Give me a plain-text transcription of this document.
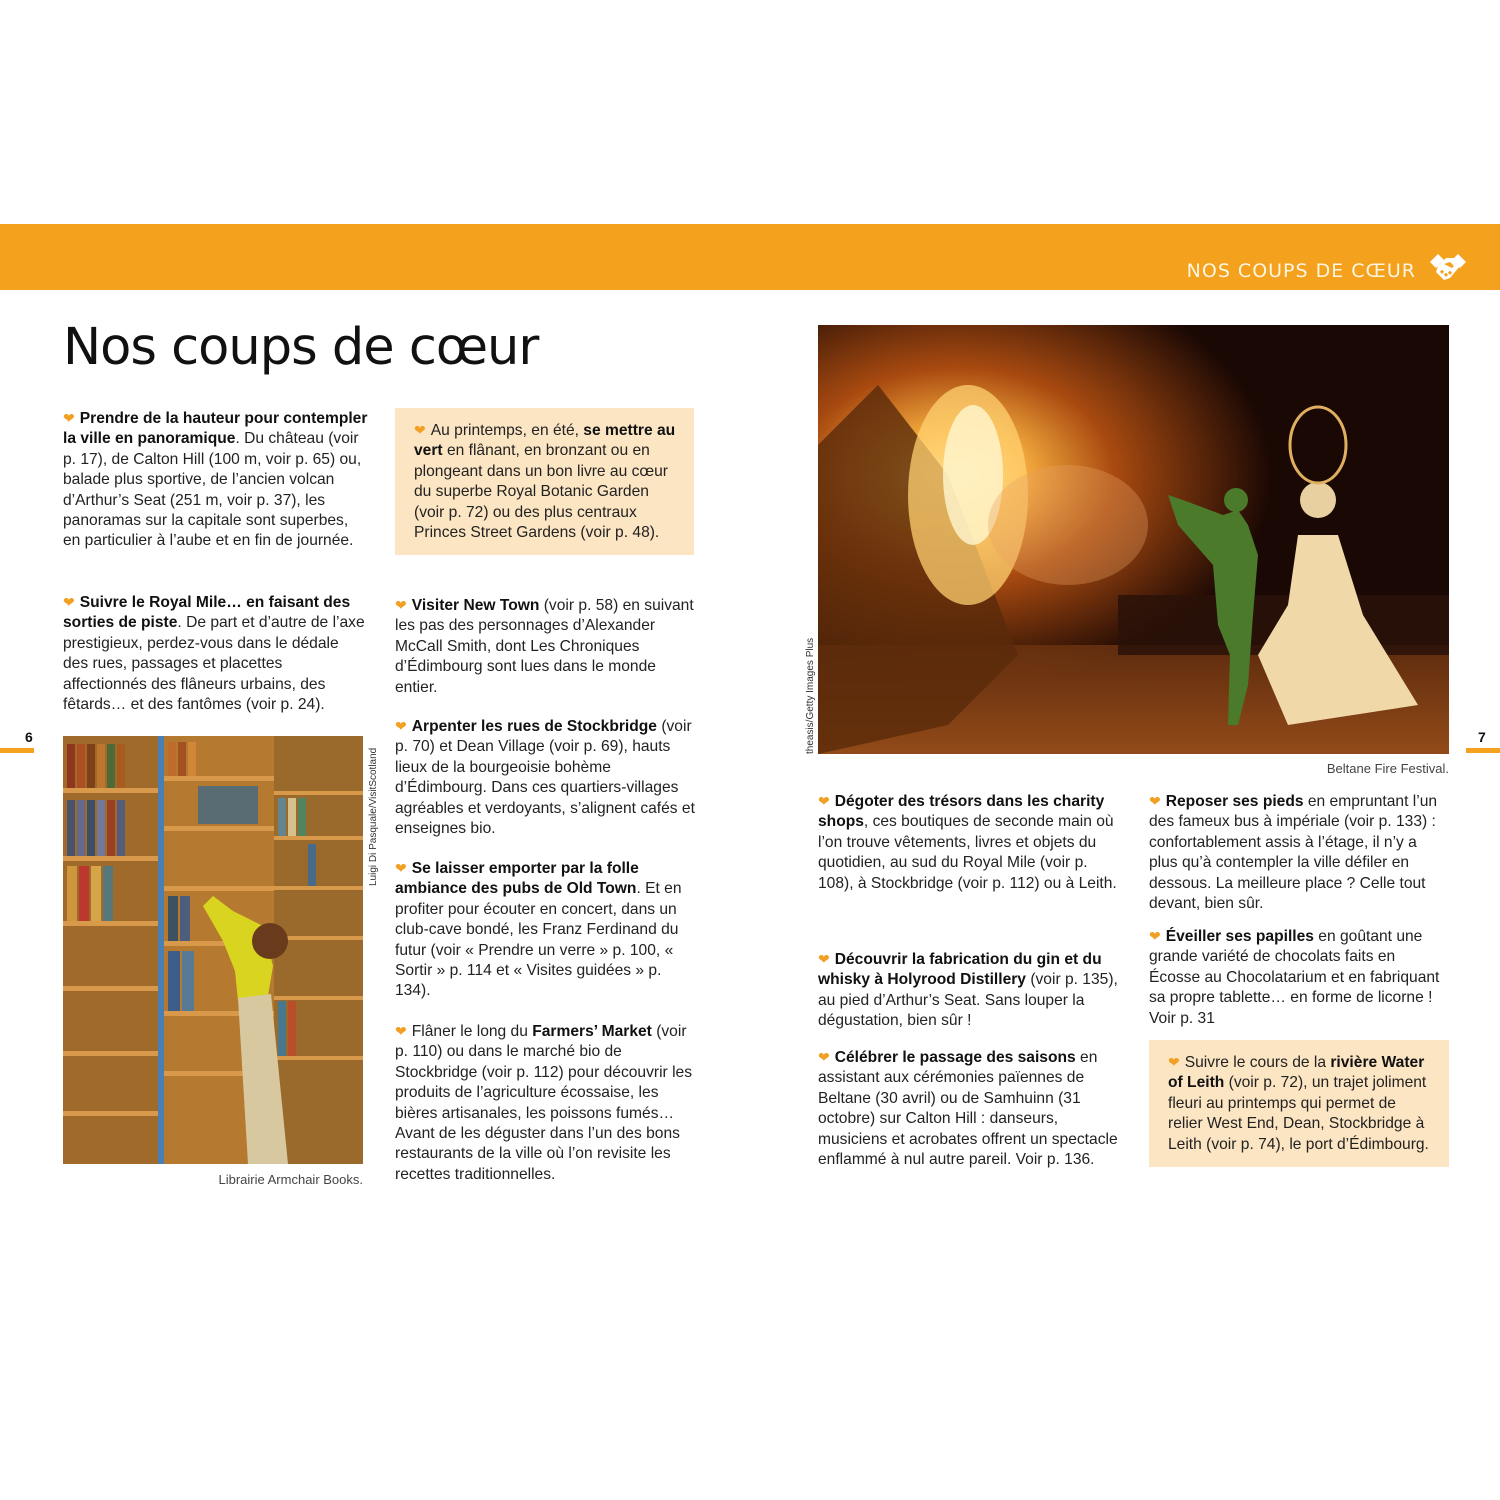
NOS COUPS DE CŒUR
Nos coups de cœur
6	7
❤ Prendre de la hauteur pour contempler la ville en panoramique. Du château (voir p. 17), de Calton Hill (100 m, voir p. 65) ou, balade plus sportive, de l’ancien volcan d’Arthur’s Seat (251 m, voir p. 37), les panoramas sur la capitale sont superbes, en particulier à l’aube et en fin de journée.
❤ Suivre le Royal Mile… en faisant des sorties de piste. De part et d’autre de l’axe prestigieux, perdez-vous dans le dédale des rues, passages et placettes affectionnés des flâneurs urbains, des fêtards… et des fantômes (voir p. 24).
Luigi Di Pasquale/VisitScotland
Librairie Armchair Books.
❤ Au printemps, en été, se mettre au vert en flânant, en bronzant ou en plongeant dans un bon livre au cœur du superbe Royal Botanic Garden (voir p. 72) ou des plus centraux Princes Street Gardens (voir p. 48).
❤ Visiter New Town (voir p. 58) en suivant les pas des personnages d’Alexander McCall Smith, dont Les Chroniques d’Édimbourg sont lues dans le monde entier.
❤ Arpenter les rues de Stockbridge (voir p. 70) et Dean Village (voir p. 69), hauts lieux de la bourgeoisie bohème d’Édimbourg. Dans ces quartiers-villages agréables et verdoyants, s’alignent cafés et enseignes bio.
❤ Se laisser emporter par la folle ambiance des pubs de Old Town. Et en profiter pour écouter en concert, dans un club-cave bondé, les Franz Ferdinand du futur (voir « Prendre un verre » p. 100, « Sortir » p. 114 et « Visites guidées » p. 134).
❤ Flâner le long du Farmers’ Market (voir p. 110) ou dans le marché bio de Stockbridge (voir p. 112) pour découvrir les produits de l’agriculture écossaise, les bières artisanales, les poissons fumés… Avant de les déguster dans l’un des bons restaurants de la ville où l’on revisite les recettes traditionnelles.
theasis/Getty Images Plus
Beltane Fire Festival.
❤ Dégoter des trésors dans les charity shops, ces boutiques de seconde main où l’on trouve vêtements, livres et objets du quotidien, au sud du Royal Mile (voir p. 108), à Stockbridge (voir p. 112) ou à Leith.
❤ Découvrir la fabrication du gin et du whisky à Holyrood Distillery (voir p. 135), au pied d’Arthur’s Seat. Sans louper la dégustation, bien sûr !
❤ Célébrer le passage des saisons en assistant aux cérémonies païennes de Beltane (30 avril) ou de Samhuinn (31 octobre) sur Calton Hill : danseurs, musiciens et acrobates offrent un spectacle enflammé à nul autre pareil. Voir p. 136.
❤ Reposer ses pieds en empruntant l’un des fameux bus à impériale (voir p. 133) : confortablement assis à l’étage, il n’y a plus qu’à contempler la ville défiler en dessous. La meilleure place ? Celle tout devant, bien sûr.
❤ Éveiller ses papilles en goûtant une grande variété de chocolats faits en Écosse au Chocolatarium et en fabriquant sa propre tablette… en forme de licorne ! Voir p. 31
❤ Suivre le cours de la rivière Water of Leith (voir p. 72), un trajet joliment fleuri au printemps qui permet de relier West End, Dean, Stockbridge à Leith (voir p. 74), le port d’Édimbourg.
